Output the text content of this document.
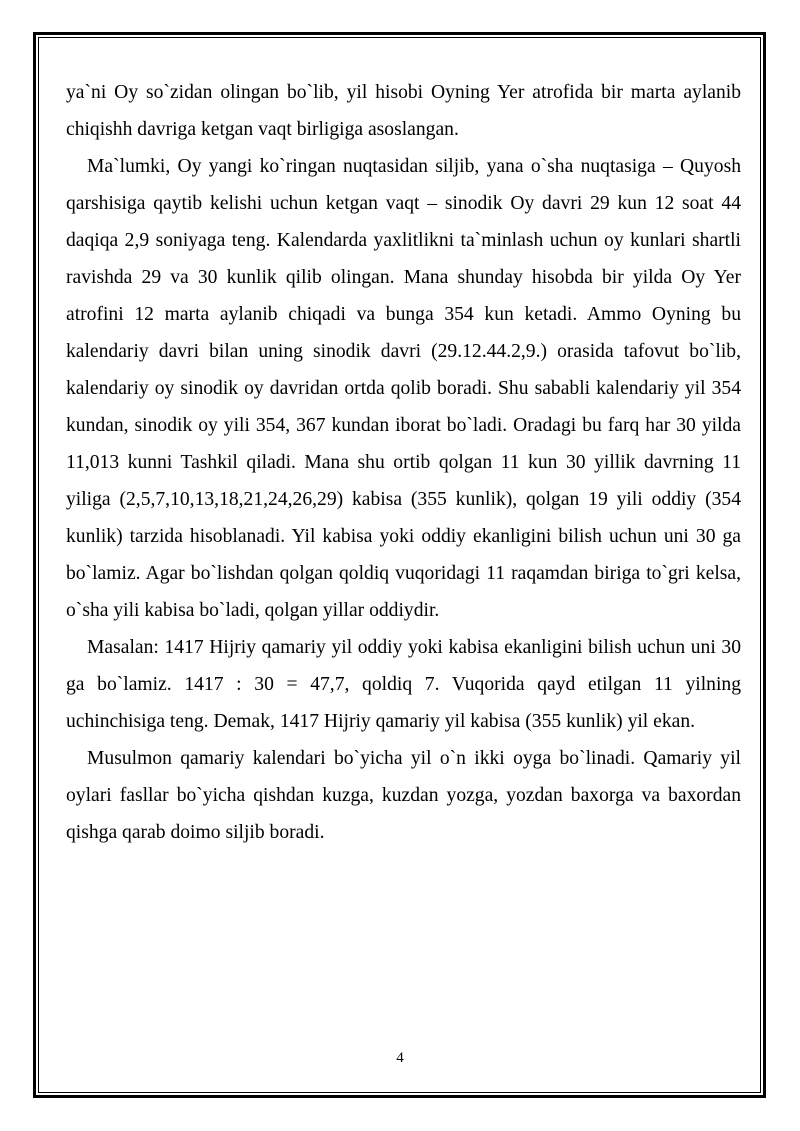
ya`ni Oy so`zidan olingan bo`lib, yil hisobi Oyning Yer atrofida bir marta aylanib chiqishh davriga ketgan vaqt birligiga asoslangan.

Ma`lumki, Oy yangi ko`ringan nuqtasidan siljib, yana o`sha nuqtasiga – Quyosh qarshisiga qaytib kelishi uchun ketgan vaqt – sinodik Oy davri 29 kun 12 soat 44 daqiqa 2,9 soniyaga teng. Kalendarda yaxlitlikni ta`minlash uchun oy kunlari shartli ravishda 29 va 30 kunlik qilib olingan. Mana shunday hisobda bir yilda Oy Yer atrofini 12 marta aylanib chiqadi va bunga 354 kun ketadi. Ammo Oyning bu kalendariy davri bilan uning sinodik davri (29.12.44.2,9.) orasida tafovut bo`lib, kalendariy oy sinodik oy davridan ortda qolib boradi. Shu sababli kalendariy yil 354 kundan, sinodik oy yili 354, 367 kundan iborat bo`ladi. Oradagi bu farq har 30 yilda 11,013 kunni Tashkil qiladi. Mana shu ortib qolgan 11 kun 30 yillik davrning 11 yiliga (2,5,7,10,13,18,21,24,26,29) kabisa (355 kunlik), qolgan 19 yili oddiy (354 kunlik) tarzida hisoblanadi. Yil kabisa yoki oddiy ekanligini bilish uchun uni 30 ga bo`lamiz. Agar bo`lishdan qolgan qoldiq vuqoridagi 11 raqamdan biriga to`gri kelsa, o`sha yili kabisa bo`ladi, qolgan yillar oddiydir.

Masalan: 1417 Hijriy qamariy yil oddiy yoki kabisa ekanligini bilish uchun uni 30 ga bo`lamiz. 1417 : 30 = 47,7, qoldiq 7. Vuqorida qayd etilgan 11 yilning uchinchisiga teng. Demak, 1417 Hijriy qamariy yil kabisa (355 kunlik) yil ekan.

Musulmon qamariy kalendari bo`yicha yil o`n ikki oyga bo`linadi. Qamariy yil oylari fasllar bo`yicha qishdan kuzga, kuzdan yozga, yozdan baxorga va baxordan qishga qarab doimo siljib boradi.

4
